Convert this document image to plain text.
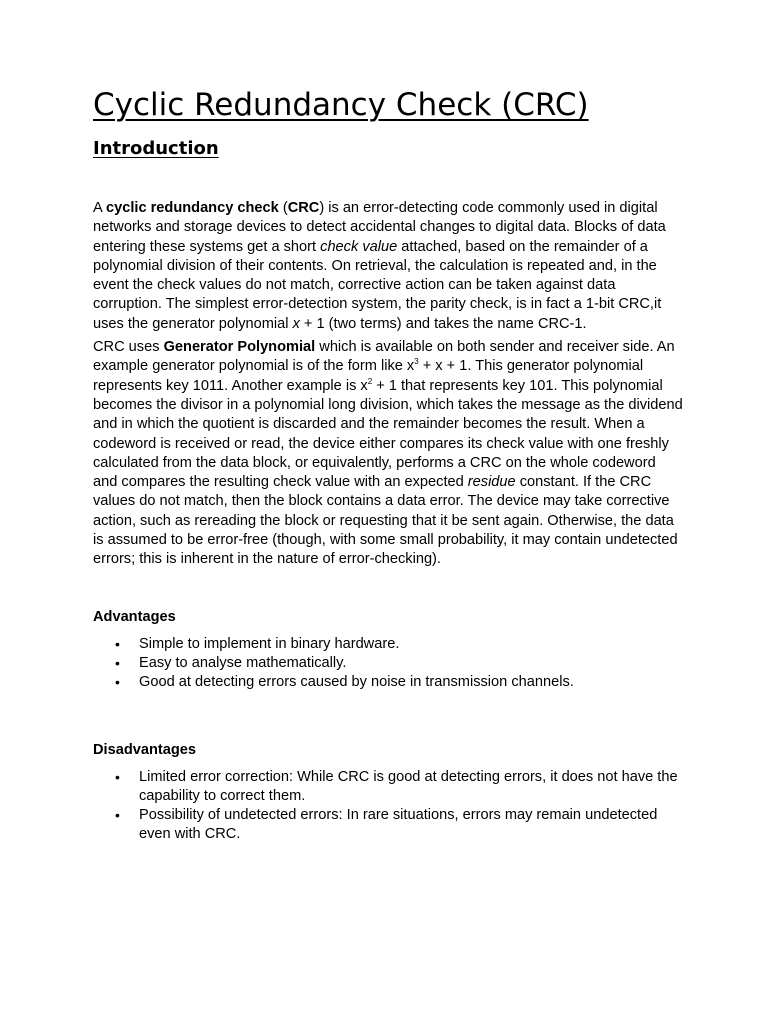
Cyclic Redundancy Check (CRC)
Introduction

A cyclic redundancy check (CRC) is an error-detecting code commonly used in digital networks and storage devices to detect accidental changes to digital data. Blocks of data entering these systems get a short check value attached, based on the remainder of a polynomial division of their contents. On retrieval, the calculation is repeated and, in the event the check values do not match, corrective action can be taken against data corruption. The simplest error-detection system, the parity check, is in fact a 1-bit CRC,it uses the generator polynomial x + 1 (two terms) and takes the name CRC-1.

CRC uses Generator Polynomial which is available on both sender and receiver side. An example generator polynomial is of the form like $x^3 + x + 1$. This generator polynomial represents key 1011. Another example is $x^2 + 1$ that represents key 101. This polynomial becomes the divisor in a polynomial long division, which takes the message as the dividend and in which the quotient is discarded and the remainder becomes the result. When a codeword is received or read, the device either compares its check value with one freshly calculated from the data block, or equivalently, performs a CRC on the whole codeword and compares the resulting check value with an expected residue constant. If the CRC values do not match, then the block contains a data error. The device may take corrective action, such as rereading the block or requesting that it be sent again. Otherwise, the data is assumed to be error-free (though, with some small probability, it may contain undetected errors; this is inherent in the nature of error-checking).

Advantages
• Simple to implement in binary hardware.
• Easy to analyse mathematically.
• Good at detecting errors caused by noise in transmission channels.
Disadvantages
• Limited error correction: While CRC is good at detecting errors, it does not have the capability to correct them.
• Possibility of undetected errors: In rare situations, errors may remain undetected even with CRC.
